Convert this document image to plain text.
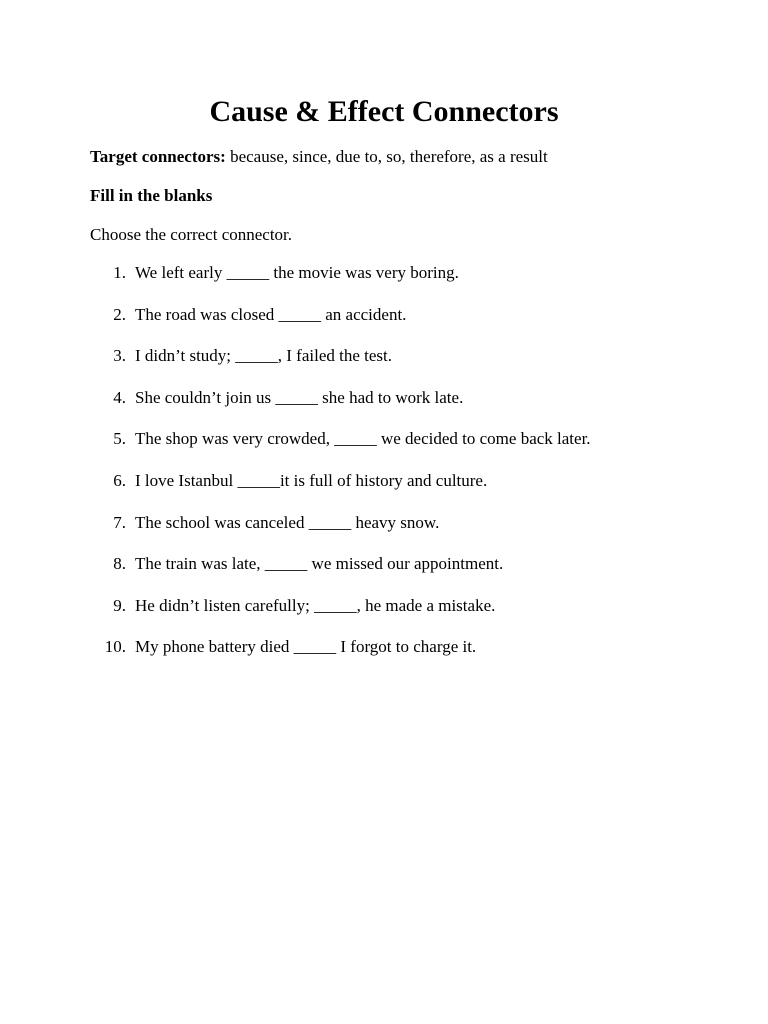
Cause & Effect Connectors
Target connectors: because, since, due to, so, therefore, as a result
Fill in the blanks
Choose the correct connector.
1. We left early _____ the movie was very boring.
2. The road was closed _____ an accident.
3. I didn’t study; _____, I failed the test.
4. She couldn’t join us _____ she had to work late.
5. The shop was very crowded, _____ we decided to come back later.
6. I love Istanbul _____it is full of history and culture.
7. The school was canceled _____ heavy snow.
8. The train was late, _____ we missed our appointment.
9. He didn’t listen carefully; _____, he made a mistake.
10. My phone battery died _____ I forgot to charge it.
